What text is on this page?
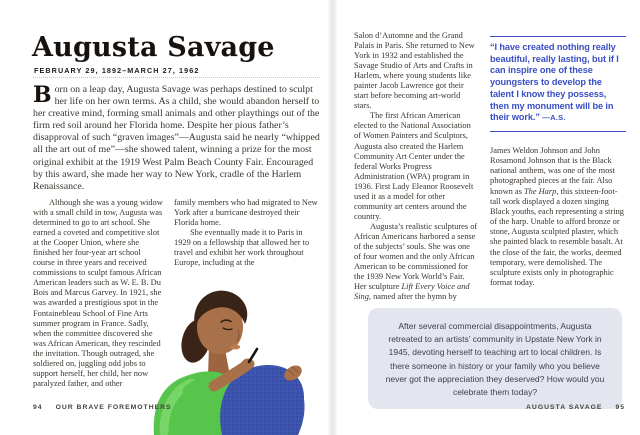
Augusta Savage
FEBRUARY 29, 1892–MARCH 27, 1962

Born on a leap day, Augusta Savage was perhaps destined to sculpt her life on her own terms. As a child, she would abandon herself to her creative mind, forming small animals and other playthings out of the firm red soil around her Florida home. Despite her pious father’s disapproval of such “graven images”—Augusta said he nearly “whipped all the art out of me”—she showed talent, winning a prize for the most original exhibit at the 1919 West Palm Beach County Fair. Encouraged by this award, she made her way to New York, cradle of the Harlem Renaissance.

Although she was a young widow with a small child in tow, Augusta was determined to go to art school. She earned a coveted and competitive slot at the Cooper Union, where she finished her four-year art school course in three years and received commissions to sculpt famous African American leaders such as W. E. B. Du Bois and Marcus Garvey. In 1921, she was awarded a prestigious spot in the Fontainebleau School of Fine Arts summer program in France. Sadly, when the committee discovered she was African American, they rescinded the invitation. Though outraged, she soldiered on, juggling odd jobs to support herself, her child, her now paralyzed father, and other

family members who had migrated to New York after a hurricane destroyed their Florida home.

She eventually made it to Paris in 1929 on a fellowship that allowed her to travel and exhibit her work throughout Europe, including at the

94 OUR BRAVE FOREMOTHERS

Salon d’Automne and the Grand Palais in Paris. She returned to New York in 1932 and established the Savage Studio of Arts and Crafts in Harlem, where young students like painter Jacob Lawrence got their start before becoming art-world stars.

The first African American elected to the National Association of Women Painters and Sculptors, Augusta also created the Harlem Community Art Center under the federal Works Progress Administration (WPA) program in 1936. First Lady Eleanor Roosevelt used it as a model for other community art centers around the country.

Augusta’s realistic sculptures of African Americans harbored a sense of the subjects’ souls. She was one of four women and the only African American to be commissioned for the 1939 New York World’s Fair. Her sculpture Lift Every Voice and Sing, named after the hymn by

“I have created nothing really beautiful, really lasting, but if I can inspire one of these youngsters to develop the talent I know they possess, then my monument will be in their work.” —A.S.

James Weldon Johnson and John Rosamond Johnson that is the Black national anthem, was one of the most photographed pieces at the fair. Also known as The Harp, this sixteen-foot-tall work displayed a dozen singing Black youths, each representing a string of the harp. Unable to afford bronze or stone, Augusta sculpted plaster, which she painted black to resemble basalt. At the close of the fair, the works, deemed temporary, were demolished. The sculpture exists only in photographic format today.

After several commercial disappointments, Augusta retreated to an artists’ community in Upstate New York in 1945, devoting herself to teaching art to local children. Is there someone in history or your family who you believe never got the appreciation they deserved? How would you celebrate them today?
AUGUSTA SAVAGE 95
